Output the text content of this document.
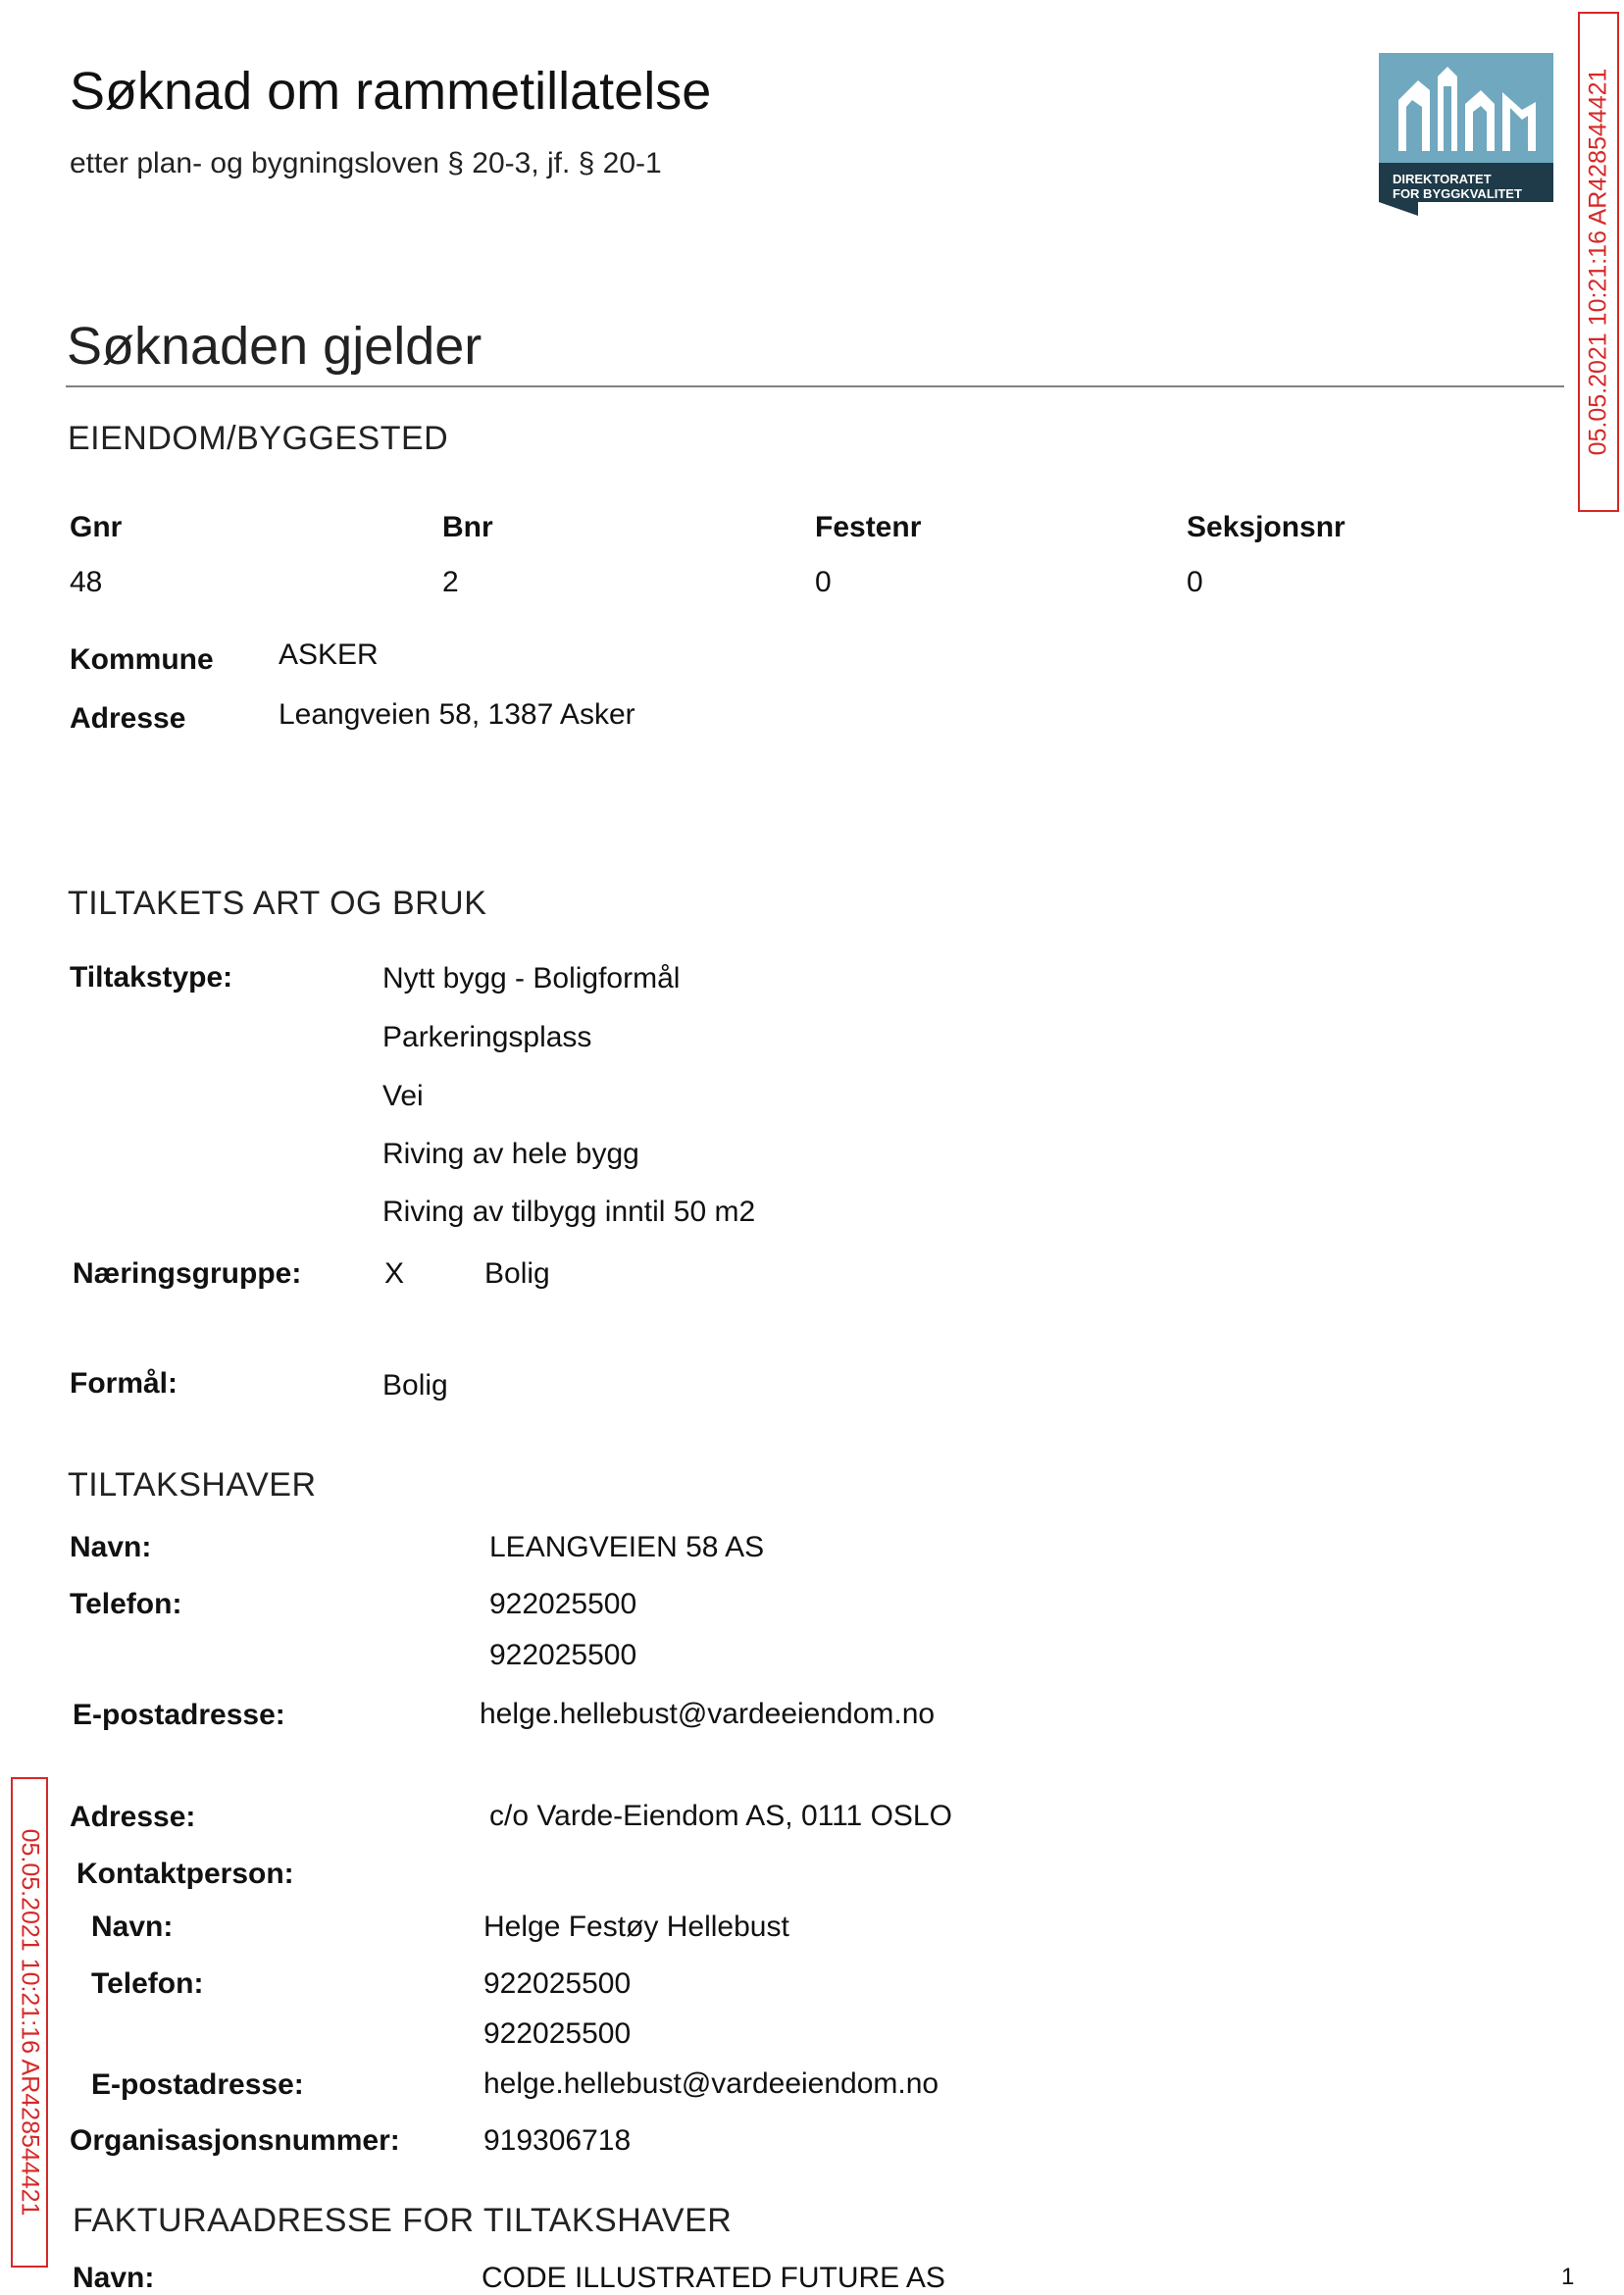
Søknad om rammetillatelse
etter plan- og bygningsloven § 20-3, jf. § 20-1	DIREKTORATET
FOR BYGGKVALITET	05.05.2021 10:21:16 AR428544421
05.05.2021 10:21:16 AR428544421
Søknaden gjelder
EIENDOM/BYGGESTED
Gnr	Bnr	Festenr	Seksjonsnr
48	2	0	0
Kommune ASKER
Adresse	Leangveien 58, 1387 Asker
TILTAKETS ART OG BRUK
Tiltakstype:	Nytt bygg - Boligformål
Parkeringsplass
Vei
Riving av hele bygg
Riving av tilbygg inntil 50 m2
Næringsgruppe:	X	Bolig
Formål:	Bolig
TILTAKSHAVER
Navn:	LEANGVEIEN 58 AS
Telefon:	922025500
922025500
E-postadresse:	helge.hellebust@vardeeiendom.no
Adresse:	c/o Varde-Eiendom AS, 0111 OSLO
Kontaktperson:
Navn:	Helge Festøy Hellebust
Telefon:	922025500
922025500
E-postadresse:	helge.hellebust@vardeeiendom.no
Organisasjonsnummer:	919306718
FAKTURAADRESSE FOR TILTAKSHAVER
Navn:	CODE ILLUSTRATED FUTURE AS	1
